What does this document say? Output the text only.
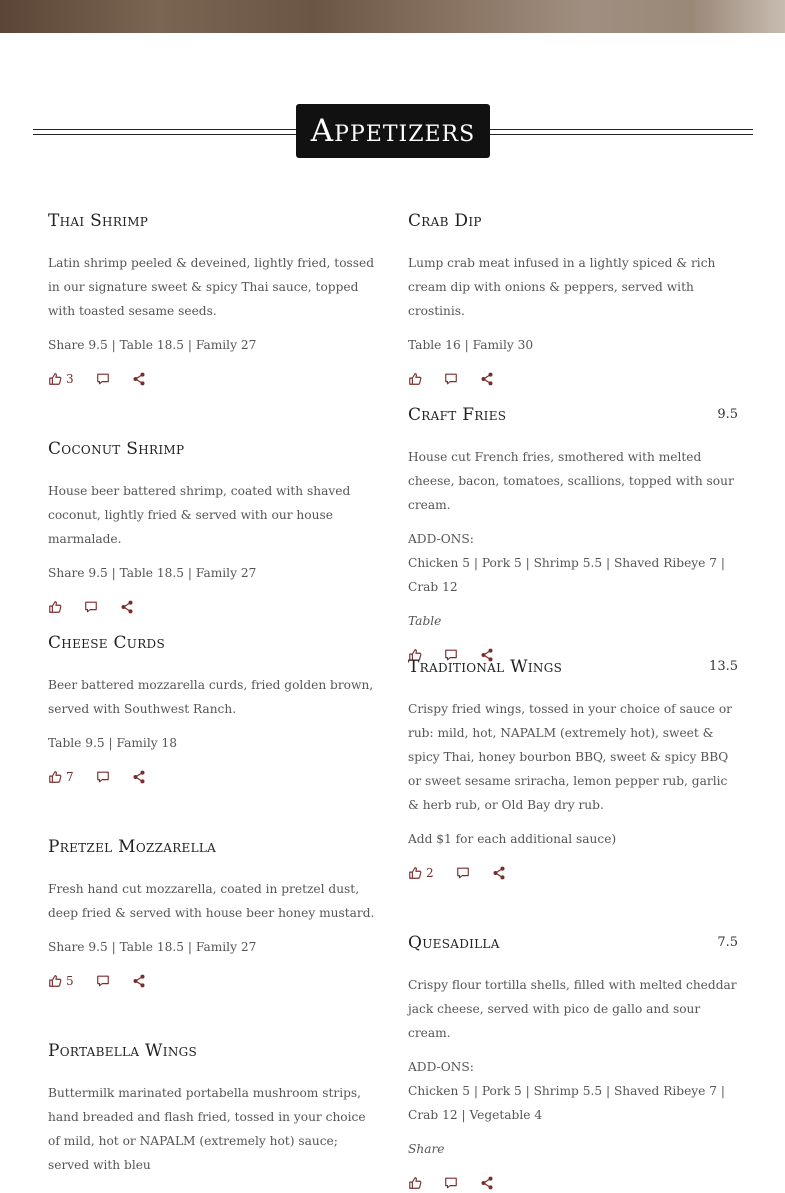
Appetizers
Thai Shrimp
Latin shrimp peeled & deveined, lightly fried, tossed in our signature sweet & spicy Thai sauce, topped with toasted sesame seeds.
Share 9.5 | Table 18.5 | Family 27
3
Coconut Shrimp
House beer battered shrimp, coated with shaved coconut, lightly fried & served with our house marmalade.
Share 9.5 | Table 18.5 | Family 27
Cheese Curds
Beer battered mozzarella curds, fried golden brown, served with Southwest Ranch.
Table 9.5 | Family 18
7
Pretzel Mozzarella
Fresh hand cut mozzarella, coated in pretzel dust, deep fried & served with house beer honey mustard.
Share 9.5 | Table 18.5 | Family 27
5
Portabella Wings
Buttermilk marinated portabella mushroom strips, hand breaded and flash fried, tossed in your choice of mild, hot or NAPALM (extremely hot) sauce; served with bleu
Crab Dip
Lump crab meat infused in a lightly spiced & rich cream dip with onions & peppers, served with crostinis.
Table 16 | Family 30
Craft Fries	9.5
House cut French fries, smothered with melted cheese, bacon, tomatoes, scallions, topped with sour cream.
ADD-ONS:
Chicken 5 | Pork 5 | Shrimp 5.5 | Shaved Ribeye 7 | Crab 12
Table
Traditional Wings	13.5
Crispy fried wings, tossed in your choice of sauce or rub: mild, hot, NAPALM (extremely hot), sweet & spicy Thai, honey bourbon BBQ, sweet & spicy BBQ or sweet sesame sriracha, lemon pepper rub, garlic & herb rub, or Old Bay dry rub.
Add $1 for each additional sauce)
2
Quesadilla	7.5
Crispy flour tortilla shells, filled with melted cheddar jack cheese, served with pico de gallo and sour cream.
ADD-ONS:
Chicken 5 | Pork 5 | Shrimp 5.5 | Shaved Ribeye 7 | Crab 12 | Vegetable 4
Share
